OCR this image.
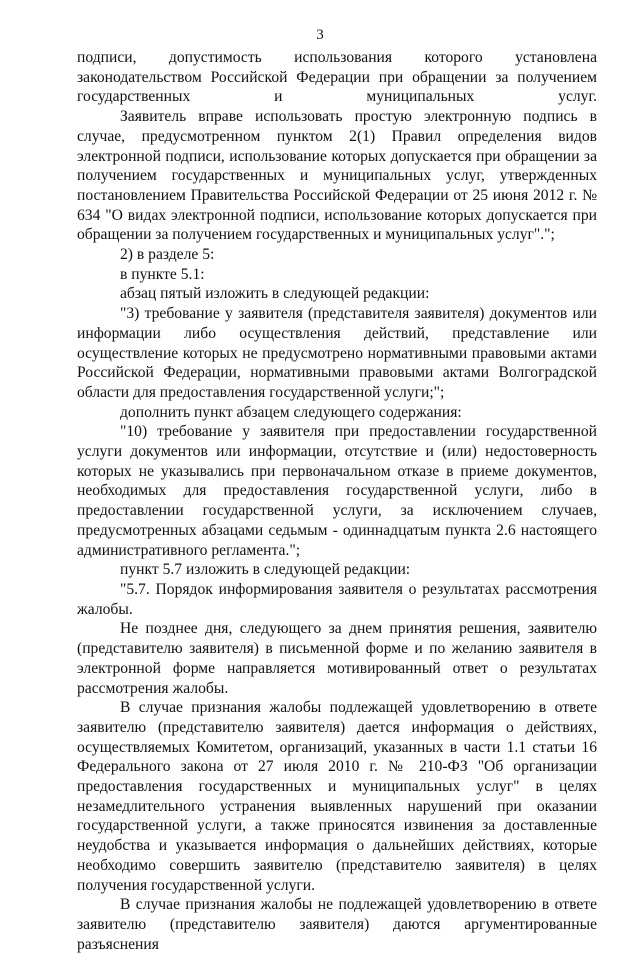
3

подписи, допустимость использования которого установлена законодательством Российской Федерации при обращении за получением государственных и муниципальных услуг.

Заявитель вправе использовать простую электронную подпись в случае, предусмотренном пунктом 2(1) Правил определения видов электронной подписи, использование которых допускается при обращении за получением государственных и муниципальных услуг, утвержденных постановлением Правительства Российской Федерации от 25 июня 2012 г. № 634 "О видах электронной подписи, использование которых допускается при обращении за получением государственных и муниципальных услуг".";

2) в разделе 5:

в пункте 5.1:

абзац пятый изложить в следующей редакции:

"3) требование у заявителя (представителя заявителя) документов или информации либо осуществления действий, представление или осуществление которых не предусмотрено нормативными правовыми актами Российской Федерации, нормативными правовыми актами Волгоградской области для предоставления государственной услуги;";

дополнить пункт абзацем следующего содержания:

"10) требование у заявителя при предоставлении государственной услуги документов или информации, отсутствие и (или) недостоверность которых не указывались при первоначальном отказе в приеме документов, необходимых для предоставления государственной услуги, либо в предоставлении государственной услуги, за исключением случаев, предусмотренных абзацами седьмым - одиннадцатым пункта 2.6 настоящего административного регламента.";

пункт 5.7 изложить в следующей редакции:

"5.7. Порядок информирования заявителя о результатах рассмотрения жалобы.

Не позднее дня, следующего за днем принятия решения, заявителю (представителю заявителя) в письменной форме и по желанию заявителя в электронной форме направляется мотивированный ответ о результатах рассмотрения жалобы.

В случае признания жалобы подлежащей удовлетворению в ответе заявителю (представителю заявителя) дается информация о действиях, осуществляемых Комитетом, организаций, указанных в части 1.1 статьи 16 Федерального закона от 27 июля 2010 г. № 210-ФЗ "Об организации предоставления государственных и муниципальных услуг" в целях незамедлительного устранения выявленных нарушений при оказании государственной услуги, а также приносятся извинения за доставленные неудобства и указывается информация о дальнейших действиях, которые необходимо совершить заявителю (представителю заявителя) в целях получения государственной услуги.

В случае признания жалобы не подлежащей удовлетворению в ответе заявителю (представителю заявителя) даются аргументированные разъяснения
